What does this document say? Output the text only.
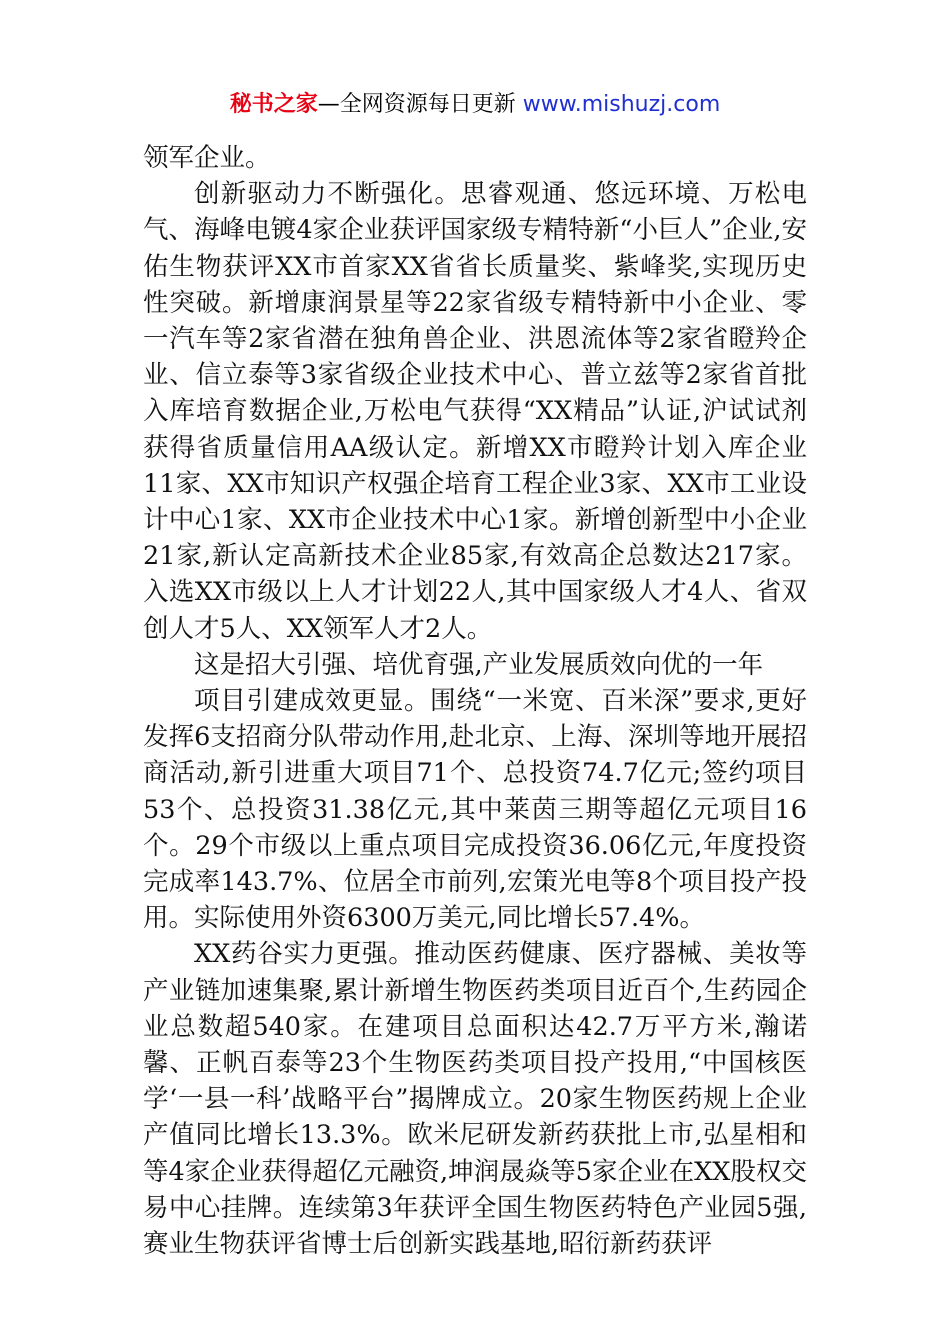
秘书之家—全网资源每日更新 www.mishuzj.com

领军企业。

创新驱动力不断强化。思睿观通、悠远环境、万松电气、海峰电镀4家企业获评国家级专精特新“小巨人”企业,安佑生物获评XX市首家XX省省长质量奖、紫峰奖,实现历史性突破。新增康润景星等22家省级专精特新中小企业、零一汽车等2家省潜在独角兽企业、洪恩流体等2家省瞪羚企业、信立泰等3家省级企业技术中心、普立兹等2家省首批入库培育数据企业,万松电气获得“XX精品”认证,沪试试剂获得省质量信用AA级认定。新增XX市瞪羚计划入库企业11家、XX市知识产权强企培育工程企业3家、XX市工业设计中心1家、XX市企业技术中心1家。新增创新型中小企业21家,新认定高新技术企业85家,有效高企总数达217家。入选XX市级以上人才计划22人,其中国家级人才4人、省双创人才5人、XX领军人才2人。

这是招大引强、培优育强,产业发展质效向优的一年

项目引建成效更显。围绕“一米宽、百米深”要求,更好发挥6支招商分队带动作用,赴北京、上海、深圳等地开展招商活动,新引进重大项目71个、总投资74.7亿元;签约项目53个、总投资31.38亿元,其中莱茵三期等超亿元项目16个。29个市级以上重点项目完成投资36.06亿元,年度投资完成率143.7%、位居全市前列,宏策光电等8个项目投产投用。实际使用外资6300万美元,同比增长57.4%。

XX药谷实力更强。推动医药健康、医疗器械、美妆等产业链加速集聚,累计新增生物医药类项目近百个,生药园企业总数超540家。在建项目总面积达42.7万平方米,瀚诺馨、正帆百泰等23个生物医药类项目投产投用,“中国核医学‘一县一科’战略平台”揭牌成立。20家生物医药规上企业产值同比增长13.3%。欧米尼研发新药获批上市,弘星相和等4家企业获得超亿元融资,坤润晟焱等5家企业在XX股权交易中心挂牌。连续第3年获评全国生物医药特色产业园5强,赛业生物获评省博士后创新实践基地,昭衍新药获评
